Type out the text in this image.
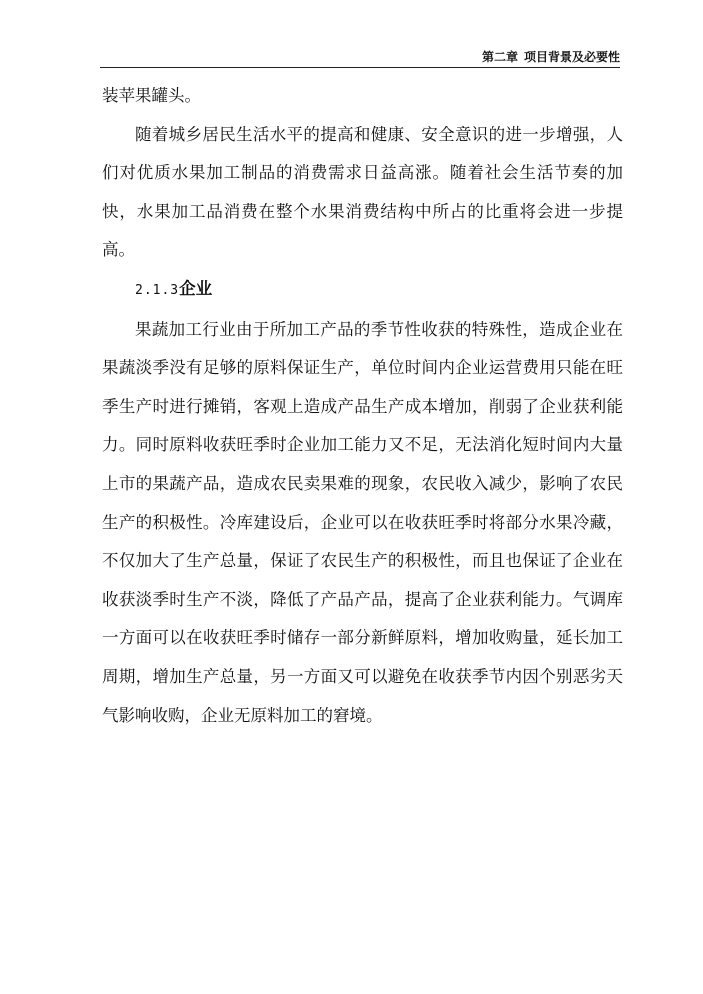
第二章 项目背景及必要性

装苹果罐头。

随着城乡居民生活水平的提高和健康、安全意识的进一步增强，人们对优质水果加工制品的消费需求日益高涨。随着社会生活节奏的加快，水果加工品消费在整个水果消费结构中所占的比重将会进一步提高。

2.1.3企业

果蔬加工行业由于所加工产品的季节性收获的特殊性，造成企业在果蔬淡季没有足够的原料保证生产，单位时间内企业运营费用只能在旺季生产时进行摊销，客观上造成产品生产成本增加，削弱了企业获利能力。同时原料收获旺季时企业加工能力又不足，无法消化短时间内大量上市的果蔬产品，造成农民卖果难的现象，农民收入减少，影响了农民生产的积极性。冷库建设后，企业可以在收获旺季时将部分水果冷藏，不仅加大了生产总量，保证了农民生产的积极性，而且也保证了企业在收获淡季时生产不淡，降低了产品产品，提高了企业获利能力。气调库一方面可以在收获旺季时储存一部分新鲜原料，增加收购量，延长加工周期，增加生产总量，另一方面又可以避免在收获季节内因个别恶劣天气影响收购，企业无原料加工的窘境。
